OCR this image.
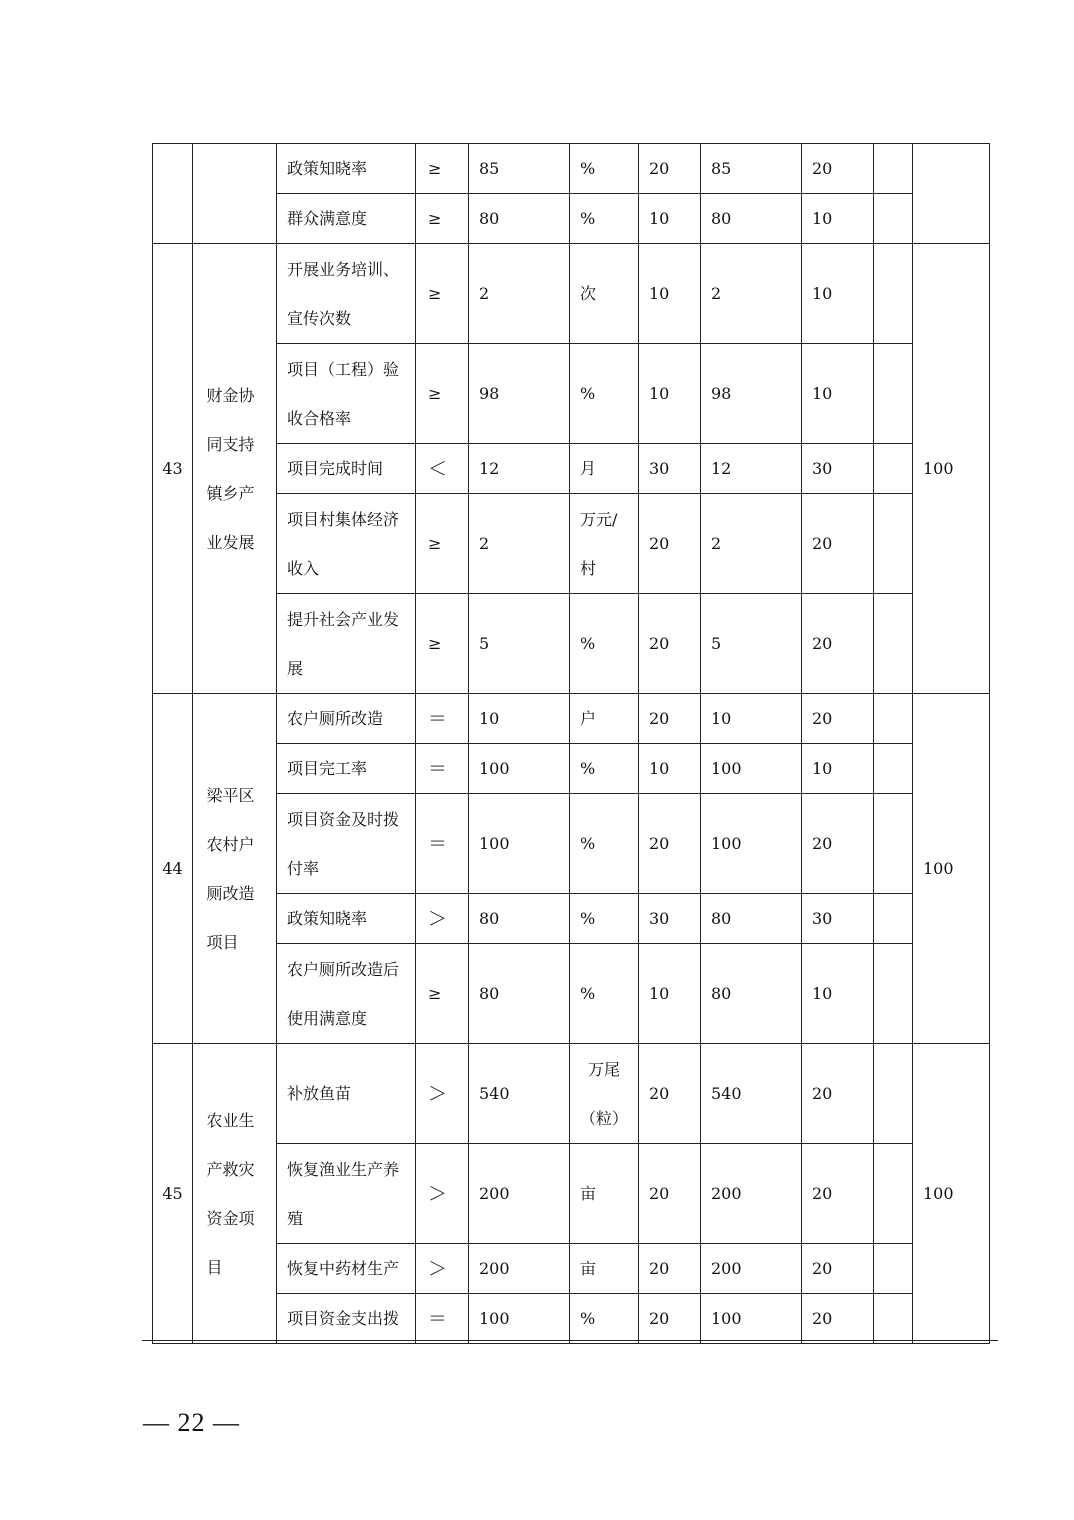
		政策知晓率	≥	85	%	20	85	20		
		群众满意度	≥	80	%	10	80	10		
43	财金协同支持镇乡产业发展	开展业务培训、宣传次数	≥	2	次	10	2	10		100
		项目（工程）验收合格率	≥	98	%	10	98	10		
		项目完成时间	＜	12	月	30	12	30		
		项目村集体经济收入	≥	2	万元/村	20	2	20		
		提升社会产业发展	≥	5	%	20	5	20		
44	梁平区农村户厕改造项目	农户厕所改造	＝	10	户	20	10	20		100
		项目完工率	＝	100	%	10	100	10		
		项目资金及时拨付率	＝	100	%	20	100	20		
		政策知晓率	＞	80	%	30	80	30		
		农户厕所改造后使用满意度	≥	80	%	10	80	10		
45	农业生产救灾资金项目	补放鱼苗	＞	540	万尾（粒）	20	540	20		100
		恢复渔业生产养殖	＞	200	亩	20	200	20		
		恢复中药材生产	＞	200	亩	20	200	20		
		项目资金支出拨	＝	100	%	20	100	20		
— 22 —
